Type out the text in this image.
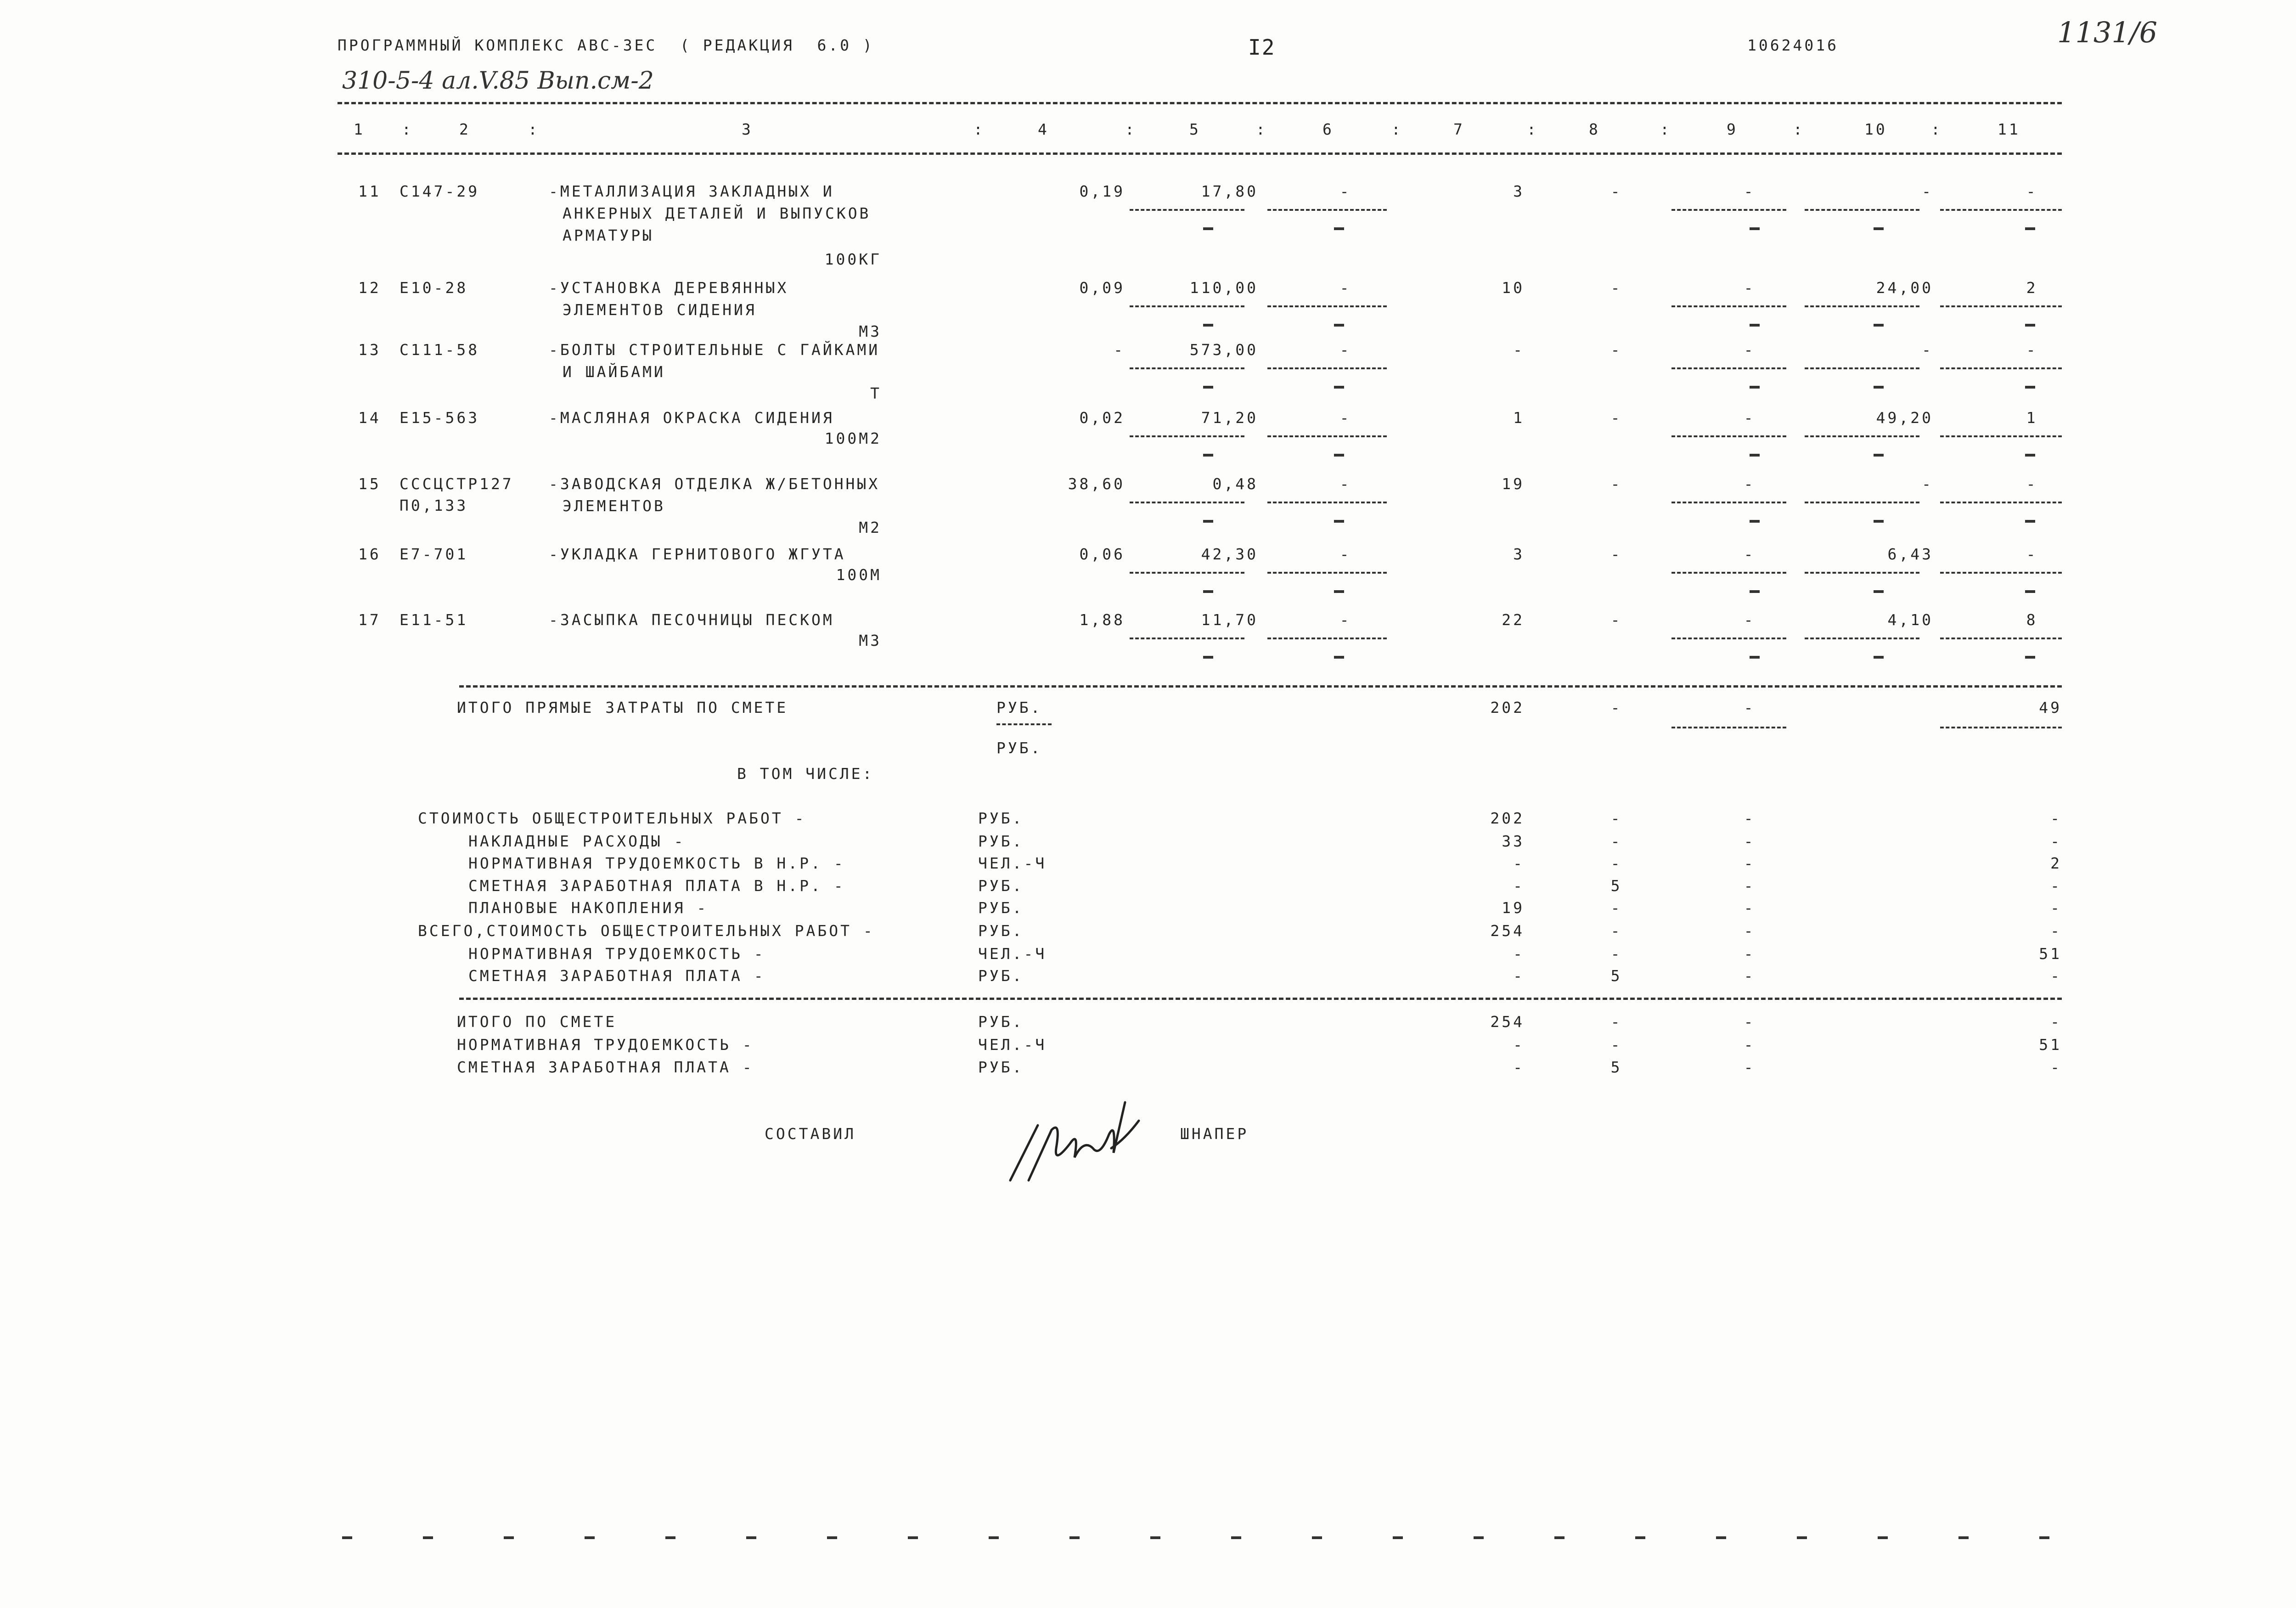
ПРОГРАММНЫЙ КОМПЛЕКС АВС-3ЕС  ( РЕДАКЦИЯ  6.0 )	I2	10624016	1131/6
310-5-4 ал.V.85 Вып.см-2
1	2	3	4	5	6	7	8	9	10	11
:	:	:	:	:	:	:	:	:	:
11 С147-29	-МЕТАЛЛИЗАЦИЯ ЗАКЛАДНЫХ И
АНКЕРНЫХ ДЕТАЛЕЙ И ВЫПУСКОВ
АРМАТУРЫ
100КГ
0,19	17,80	-	3	-	-	-	-
12 Е10-28	-УСТАНОВКА ДЕРЕВЯННЫХ
ЭЛЕМЕНТОВ СИДЕНИЯ
М3
0,09	110,00	-	10	-	-	24,00	2
13 С111-58	-БОЛТЫ СТРОИТЕЛЬНЫЕ С ГАЙКАМИ
И ШАЙБАМИ
Т
-	573,00	-	-	-	-	-	-
14 Е15-563	-МАСЛЯНАЯ ОКРАСКА СИДЕНИЯ
100М2
0,02	71,20	-	1	-	-	49,20	1
15 СССЦСТР127
П0,133
-ЗАВОДСКАЯ ОТДЕЛКА Ж/БЕТОННЫХ
ЭЛЕМЕНТОВ
М2
38,60	0,48	-	19	-	-	-	-
16 Е7-701	-УКЛАДКА ГЕРНИТОВОГО ЖГУТА
100М
0,06	42,30	-	3	-	-	6,43	-
17 Е11-51	-ЗАСЫПКА ПЕСОЧНИЦЫ ПЕСКОМ
М3
1,88	11,70	-	22	-	-	4,10	8
ИТОГО ПРЯМЫЕ ЗАТРАТЫ ПО СМЕТЕ	РУБ.
РУБ.
202	-	-	49
В ТОМ ЧИСЛЕ:
СТОИМОСТЬ ОБЩЕСТРОИТЕЛЬНЫХ РАБОТ -	РУБ.	202	-	-	-
НАКЛАДНЫЕ РАСХОДЫ -	РУБ.	33	-	-	-
НОРМАТИВНАЯ ТРУДОЕМКОСТЬ В Н.Р. -	ЧЕЛ.-Ч	-	-	-	2
СМЕТНАЯ ЗАРАБОТНАЯ ПЛАТА В Н.Р. -	РУБ.	-	5	-	-
ПЛАНОВЫЕ НАКОПЛЕНИЯ -	РУБ.	19	-	-	-
ВСЕГО,СТОИМОСТЬ ОБЩЕСТРОИТЕЛЬНЫХ РАБОТ -	РУБ.	254	-	-	-
НОРМАТИВНАЯ ТРУДОЕМКОСТЬ -	ЧЕЛ.-Ч	-	-	-	51
СМЕТНАЯ ЗАРАБОТНАЯ ПЛАТА -	РУБ.	-	5	-	-
ИТОГО ПО СМЕТЕ	РУБ.	254	-	-	-
НОРМАТИВНАЯ ТРУДОЕМКОСТЬ -	ЧЕЛ.-Ч	-	-	-	51
СМЕТНАЯ ЗАРАБОТНАЯ ПЛАТА -	РУБ.	-	5	-	-
СОСТАВИЛ	ШНАПЕР
